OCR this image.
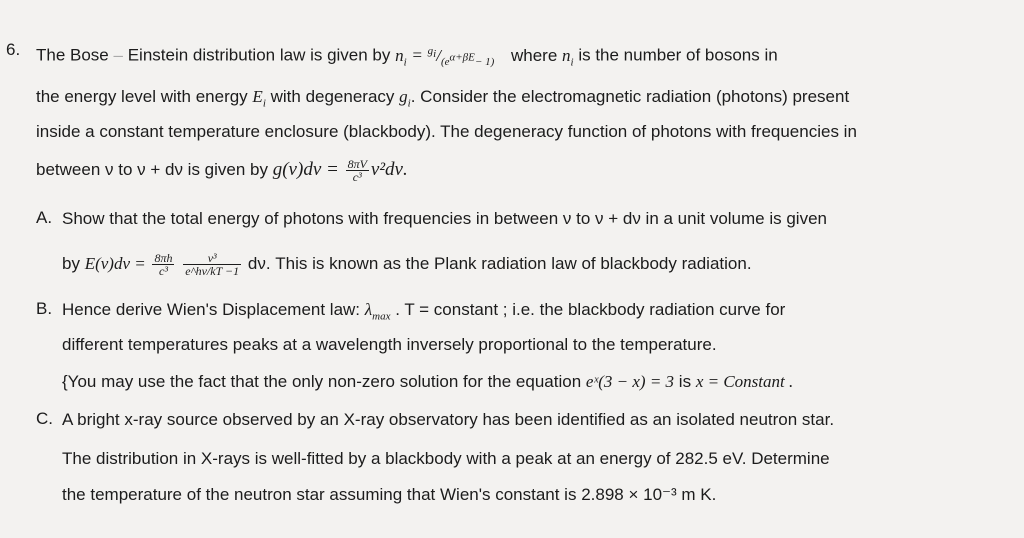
6. The Bose – Einstein distribution law is given by $n_i = ^{g_i}/_{(e^{\alpha+\beta E}- 1)}$ where $n_i$ is the number of bosons in
the energy level with energy $E_i$ with degeneracy $g_i$. Consider the electromagnetic radiation (photons) present
inside a constant temperature enclosure (blackbody). The degeneracy function of photons with frequencies in
between ν to ν + dν is given by $g(\nu)d\nu = \frac{8\pi V}{\text{c³}} \nu^2d\nu$.
A. Show that the total energy of photons with frequencies in between ν to ν + dν in a unit volume is given
by $E(\nu)d\nu = \frac{8\pi h}{\text{c³}}$
$\frac{\text{ν³}}{e\^{}h\nu/kT -1} d\nu$. This is known as the Plank radiation law of blackbody radiation.
B. Hence derive Wien's Displacement law: $\lambda_{max}$ . T = constant ; i.e. the blackbody radiation curve for
different temperatures peaks at a wavelength inversely proportional to the temperature.
{You may use the fact that the only non-zero solution for the equation eˣ(3 − x) = 3 is x = Constant .
C. A bright x-ray source observed by an X-ray observatory has been identified as an isolated neutron star.
The distribution in X-rays is well-fitted by a blackbody with a peak at an energy of 282.5 eV. Determine
the temperature of the neutron star assuming that Wien's constant is 2.898 × 10⁻³ m K.
